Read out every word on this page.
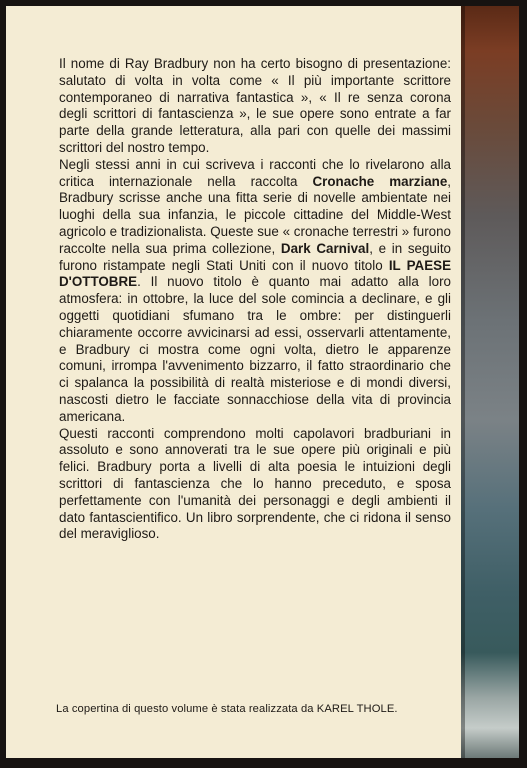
Il nome di Ray Bradbury non ha certo bisogno di presentazione: salutato di volta in volta come « Il più importante scrittore contemporaneo di narrativa fantastica », « Il re senza corona degli scrittori di fantascienza », le sue opere sono entrate a far parte della grande letteratura, alla pari con quelle dei massimi scrittori del nostro tempo.

Negli stessi anni in cui scriveva i racconti che lo rivelarono alla critica internazionale nella raccolta Cronache marziane, Bradbury scrisse anche una fitta serie di novelle ambientate nei luoghi della sua infanzia, le piccole cittadine del Middle-West agricolo e tradizionalista. Queste sue « cronache terrestri » furono raccolte nella sua prima collezione, Dark Carnival, e in seguito furono ristampate negli Stati Uniti con il nuovo titolo IL PAESE D'OTTOBRE. Il nuovo titolo è quanto mai adatto alla loro atmosfera: in ottobre, la luce del sole comincia a declinare, e gli oggetti quotidiani sfumano tra le ombre: per distinguerli chiaramente occorre avvicinarsi ad essi, osservarli attentamente, e Bradbury ci mostra come ogni volta, dietro le apparenze comuni, irrompa l'avvenimento bizzarro, il fatto straordinario che ci spalanca la possibilità di realtà misteriose e di mondi diversi, nascosti dietro le facciate sonnacchiose della vita di provincia americana.

Questi racconti comprendono molti capolavori bradburiani in assoluto e sono annoverati tra le sue opere più originali e più felici. Bradbury porta a livelli di alta poesia le intuizioni degli scrittori di fantascienza che lo hanno preceduto, e sposa perfettamente con l'umanità dei personaggi e degli ambienti il dato fantascientifico. Un libro sorprendente, che ci ridona il senso del meraviglioso.

La copertina di questo volume è stata realizzata da KAREL THOLE.
